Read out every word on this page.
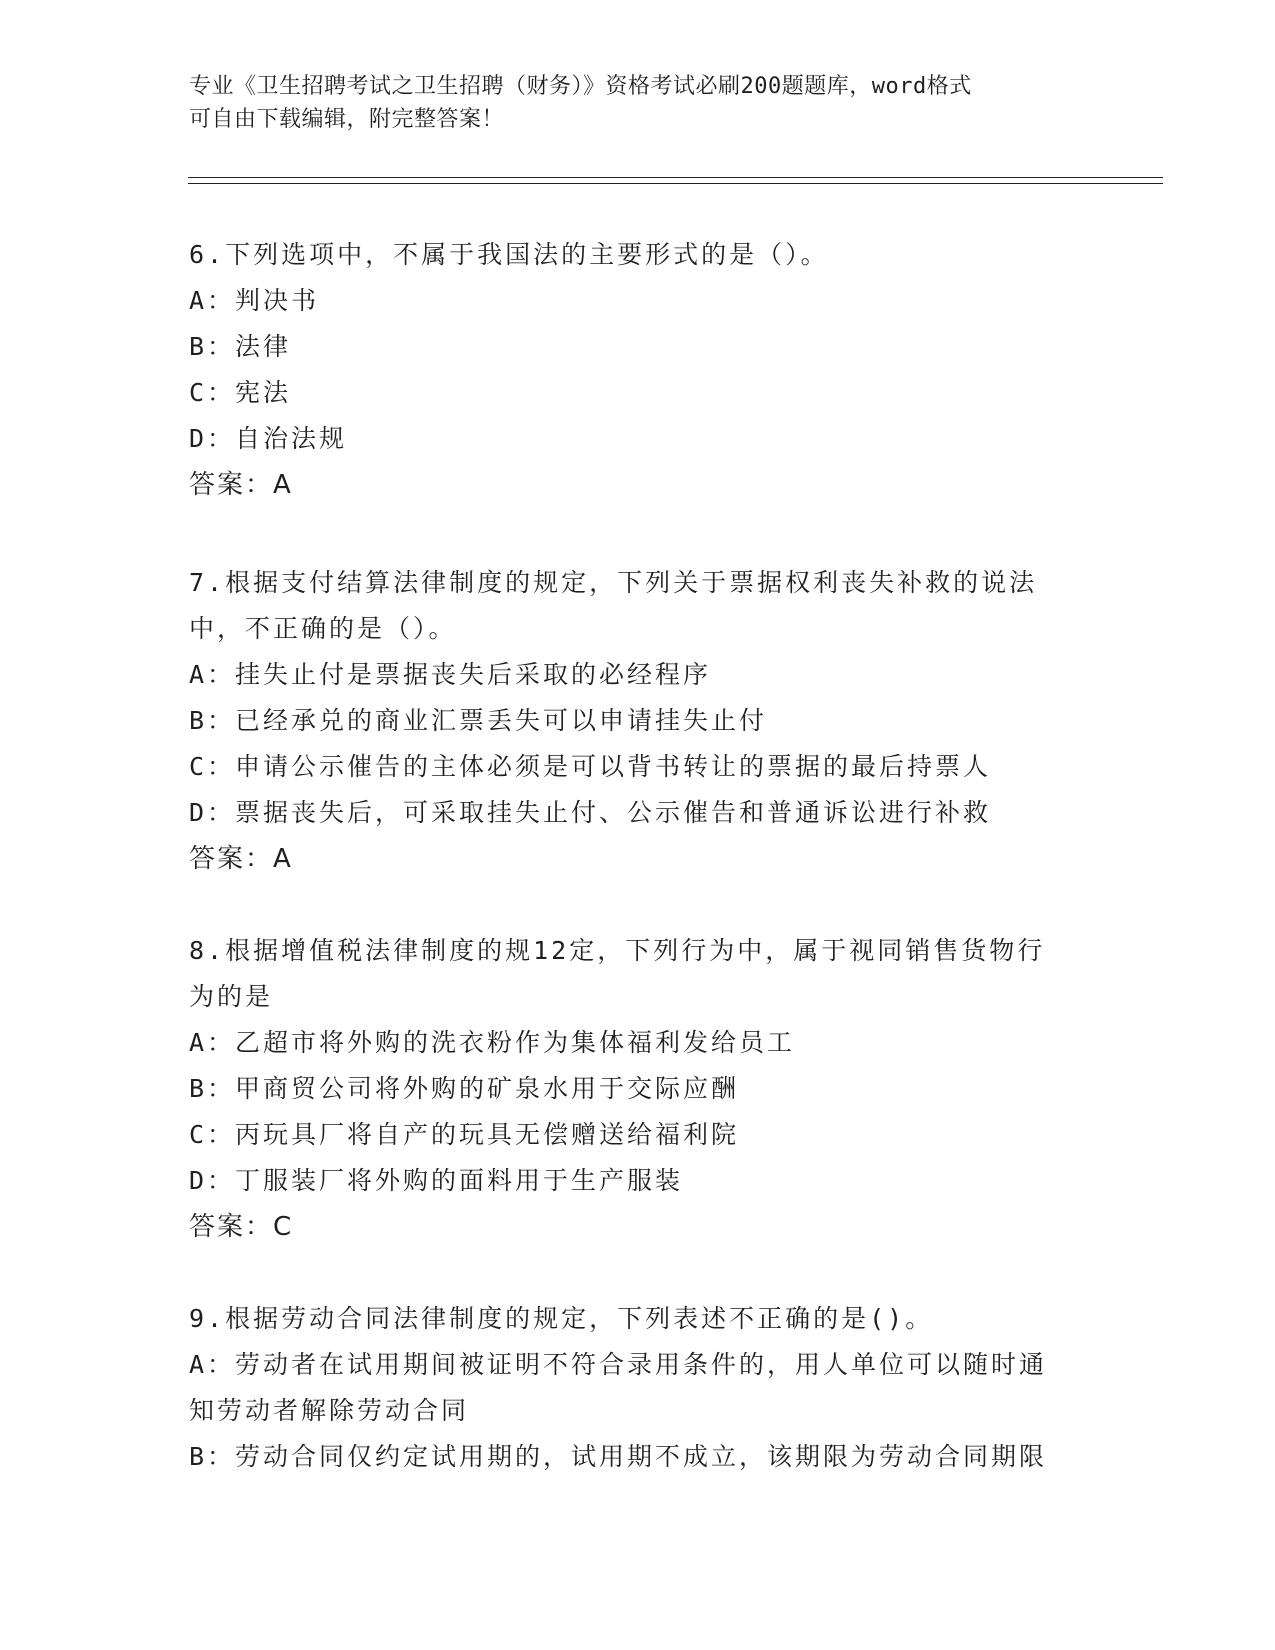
专业《卫生招聘考试之卫生招聘（财务）》资格考试必刷200题题库，word格式
可自由下载编辑，附完整答案！

6.下列选项中，不属于我国法的主要形式的是（）。

A：判决书

B：法律

C：宪法

D：自治法规

答案：A

7.根据支付结算法律制度的规定，下列关于票据权利丧失补救的说法

中，不正确的是（）。

A：挂失止付是票据丧失后采取的必经程序

B：已经承兑的商业汇票丢失可以申请挂失止付

C：申请公示催告的主体必须是可以背书转让的票据的最后持票人

D：票据丧失后，可采取挂失止付、公示催告和普通诉讼进行补救

答案：A

8.根据增值税法律制度的规12定，下列行为中，属于视同销售货物行

为的是

A：乙超市将外购的洗衣粉作为集体福利发给员工

B：甲商贸公司将外购的矿泉水用于交际应酬

C：丙玩具厂将自产的玩具无偿赠送给福利院

D：丁服装厂将外购的面料用于生产服装

答案：C

9.根据劳动合同法律制度的规定，下列表述不正确的是()。

A：劳动者在试用期间被证明不符合录用条件的，用人单位可以随时通

知劳动者解除劳动合同

B：劳动合同仅约定试用期的，试用期不成立，该期限为劳动合同期限
